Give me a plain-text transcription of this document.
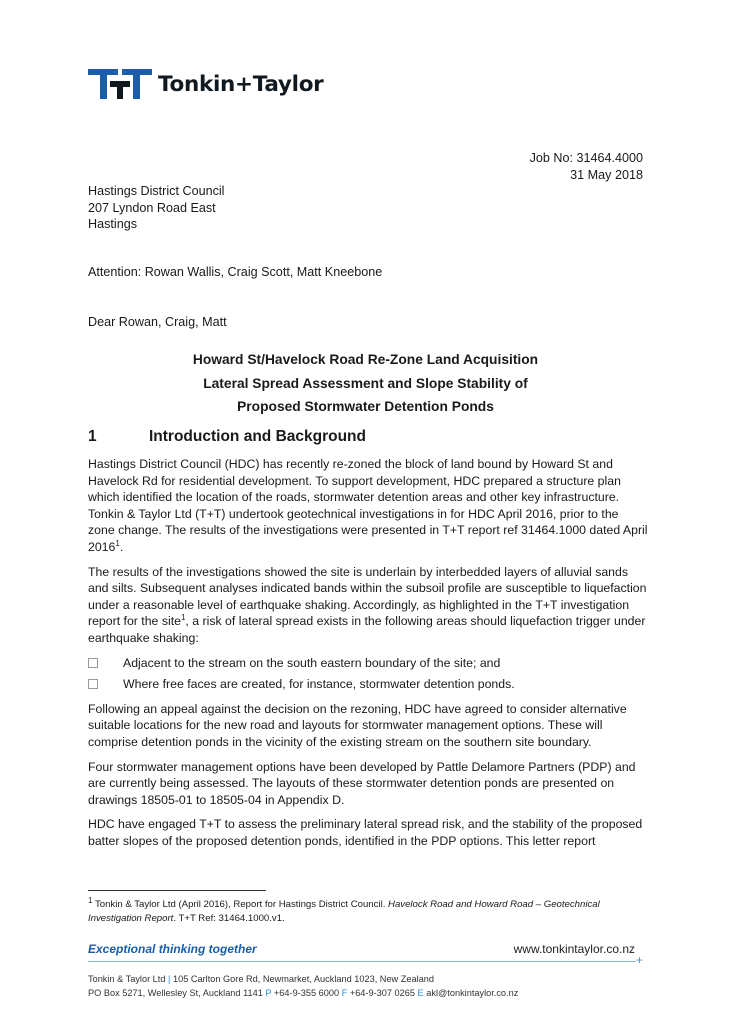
Tonkin+Taylor
Job No: 31464.4000
31 May 2018
Hastings District Council
207 Lyndon Road East
Hastings
Attention: Rowan Wallis, Craig Scott, Matt Kneebone
Dear Rowan, Craig, Matt
Howard St/Havelock Road Re-Zone Land Acquisition
Lateral Spread Assessment and Slope Stability of
Proposed Stormwater Detention Ponds
1	Introduction and Background

Hastings District Council (HDC) has recently re-zoned the block of land bound by Howard St and Havelock Rd for residential development. To support development, HDC prepared a structure plan which identified the location of the roads, stormwater detention areas and other key infrastructure. Tonkin & Taylor Ltd (T+T) undertook geotechnical investigations in for HDC April 2016, prior to the zone change. The results of the investigations were presented in T+T report ref 31464.1000 dated April 2016$^1$.

The results of the investigations showed the site is underlain by interbedded layers of alluvial sands and silts. Subsequent analyses indicated bands within the subsoil profile are susceptible to liquefaction under a reasonable level of earthquake shaking. Accordingly, as highlighted in the T+T investigation report for the site$^1$, a risk of lateral spread exists in the following areas should liquefaction trigger under earthquake shaking:

Adjacent to the stream on the south eastern boundary of the site; and
Where free faces are created, for instance, stormwater detention ponds.

Following an appeal against the decision on the rezoning, HDC have agreed to consider alternative suitable locations for the new road and layouts for stormwater management options. These will comprise detention ponds in the vicinity of the existing stream on the southern site boundary.

Four stormwater management options have been developed by Pattle Delamore Partners (PDP) and are currently being assessed. The layouts of these stormwater detention ponds are presented on drawings 18505-01 to 18505-04 in Appendix D.

HDC have engaged T+T to assess the preliminary lateral spread risk, and the stability of the proposed batter slopes of the proposed detention ponds, identified in the PDP options. This letter report

$^1$ Tonkin & Taylor Ltd (April 2016), Report for Hastings District Council. Havelock Road and Howard Road – Geotechnical Investigation Report. T+T Ref: 31464.1000.v1.
Exceptional thinking together	www.tonkintaylor.co.nz
+
Tonkin & Taylor Ltd | 105 Carlton Gore Rd, Newmarket, Auckland 1023, New Zealand
PO Box 5271, Wellesley St, Auckland 1141 P +64-9-355 6000 F +64-9-307 0265 E akl@tonkintaylor.co.nz
